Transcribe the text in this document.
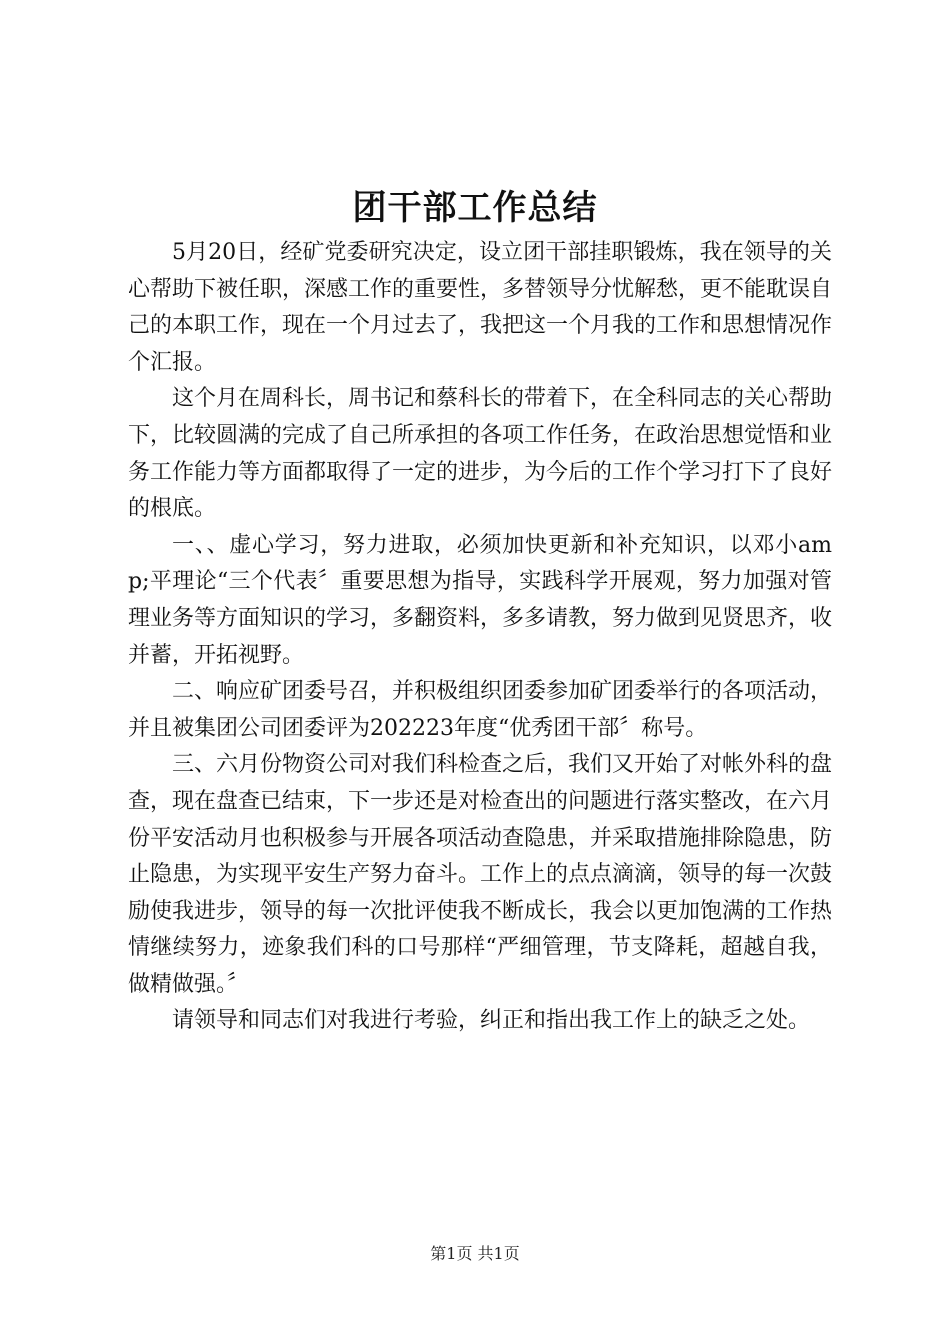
团干部工作总结

5月20日，经矿党委研究决定，设立团干部挂职锻炼，我在领导的关心帮助下被任职，深感工作的重要性，多替领导分忧解愁，更不能耽误自己的本职工作，现在一个月过去了，我把这一个月我的工作和思想情况作个汇报。

这个月在周科长，周书记和蔡科长的带着下，在全科同志的关心帮助下，比较圆满的完成了自己所承担的各项工作任务，在政治思想觉悟和业务工作能力等方面都取得了一定的进步，为今后的工作个学习打下了良好的根底。

一、、虚心学习，努力进取，必须加快更新和补充知识，以邓小amp;平理论“三个代表〞重要思想为指导，实践科学开展观，努力加强对管理业务等方面知识的学习，多翻资料，多多请教，努力做到见贤思齐，收并蓄，开拓视野。

二、响应矿团委号召，并积极组织团委参加矿团委举行的各项活动，并且被集团公司团委评为202223年度“优秀团干部〞称号。

三、六月份物资公司对我们科检查之后，我们又开始了对帐外科的盘查，现在盘查已结束，下一步还是对检查出的问题进行落实整改，在六月份平安活动月也积极参与开展各项活动查隐患，并采取措施排除隐患，防止隐患，为实现平安生产努力奋斗。工作上的点点滴滴，领导的每一次鼓励使我进步，领导的每一次批评使我不断成长，我会以更加饱满的工作热情继续努力，迹象我们科的口号那样“严细管理，节支降耗，超越自我，做精做强。〞

请领导和同志们对我进行考验，纠正和指出我工作上的缺乏之处。

第1页 共1页
